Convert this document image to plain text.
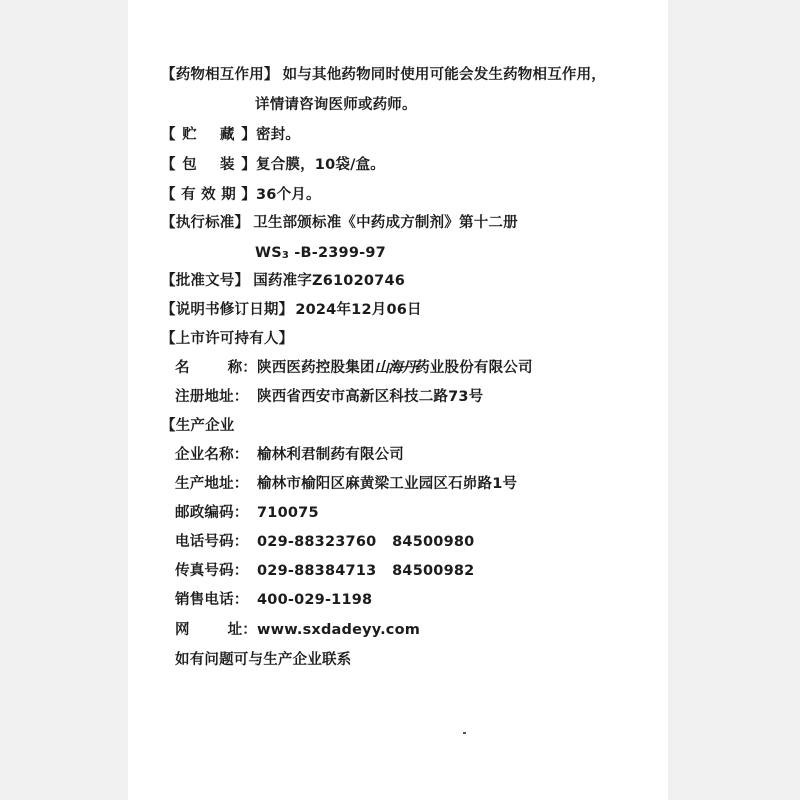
【药物相互作用】 如与其他药物同时使用可能会发生药物相互作用，
详情请咨询医师或药师。
【 贮 藏 】 密封。
【 包 装 】 复合膜，10袋/盒。
【 有 效 期 】 36个月。
【执行标准】 卫生部颁标准《中药成方制剂》第十二册
WS3 -B-2399-97
【批准文号】 国药准字Z61020746
【说明书修订日期】 2024年12月06日
【上市许可持有人】
名	称： 陕西医药控股集团山海丹药业股份有限公司
注册地址： 陕西省西安市高新区科技二路73号
【生产企业
企业名称： 榆林利君制药有限公司
生产地址： 榆林市榆阳区麻黄梁工业园区石峁路1号
邮政编码： 710075
电话号码： 029-88323760   84500980
传真号码： 029-88384713   84500982
销售电话： 400-029-1198
网	址： www.sxdadeyy.com
如有问题可与生产企业联系
